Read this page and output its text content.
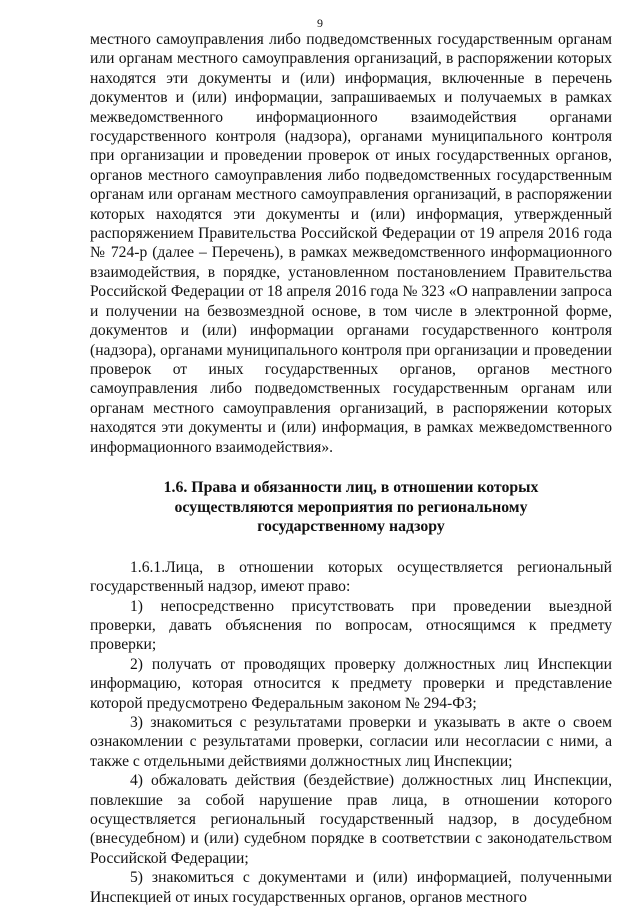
9

местного самоуправления либо подведомственных государственным органам или органам местного самоуправления организаций, в распоряжении которых находятся эти документы и (или) информация, включенные в перечень документов и (или) информации, запрашиваемых и получаемых в рамках межведомственного информационного взаимодействия органами государственного контроля (надзора), органами муниципального контроля при организации и проведении проверок от иных государственных органов, органов местного самоуправления либо подведомственных государственным органам или органам местного самоуправления организаций, в распоряжении которых находятся эти документы и (или) информация, утвержденный распоряжением Правительства Российской Федерации от 19 апреля 2016 года № 724-р (далее – Перечень), в рамках межведомственного информационного взаимодействия, в порядке, установленном постановлением Правительства Российской Федерации от 18 апреля 2016 года № 323 «О направлении запроса и получении на безвозмездной основе, в том числе в электронной форме, документов и (или) информации органами государственного контроля (надзора), органами муниципального контроля при организации и проведении проверок от иных государственных органов, органов местного самоуправления либо подведомственных государственным органам или органам местного самоуправления организаций, в распоряжении которых находятся эти документы и (или) информация, в рамках межведомственного информационного взаимодействия».

1.6. Права и обязанности лиц, в отношении которых
осуществляются мероприятия по региональному
государственному надзору

1.6.1.Лица, в отношении которых осуществляется региональный государственный надзор, имеют право:

1) непосредственно присутствовать при проведении выездной проверки, давать объяснения по вопросам, относящимся к предмету проверки;

2) получать от проводящих проверку должностных лиц Инспекции информацию, которая относится к предмету проверки и представление которой предусмотрено Федеральным законом № 294-ФЗ;

3) знакомиться с результатами проверки и указывать в акте о своем ознакомлении с результатами проверки, согласии или несогласии с ними, а также с отдельными действиями должностных лиц Инспекции;

4) обжаловать действия (бездействие) должностных лиц Инспекции, повлекшие за собой нарушение прав лица, в отношении которого осуществляется региональный государственный надзор, в досудебном (внесудебном) и (или) судебном порядке в соответствии с законодательством Российской Федерации;

5) знакомиться с документами и (или) информацией, полученными Инспекцией от иных государственных органов, органов местного
